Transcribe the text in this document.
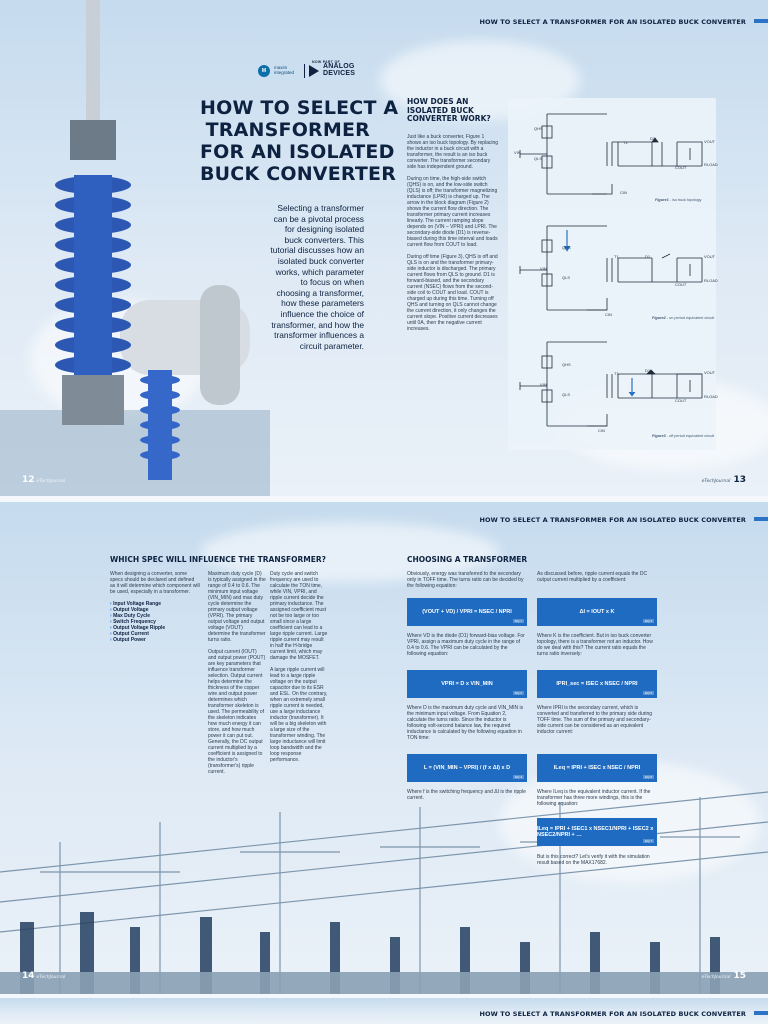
HOW TO SELECT A TRANSFORMER FOR AN ISOLATED BUCK CONVERTER
M
maxim integrated
ANALOG
DEVICES
NOW PART OF
HOW TO SELECT A
TRANSFORMER
FOR AN ISOLATED
BUCK CONVERTER

Selecting a transformer can be a pivotal process for designing isolated buck converters. This tutorial discusses how an isolated buck converter works, which parameter to focus on when choosing a transformer, how these parameters influence the choice of transformer, and how the transformer influences a circuit parameter.

HOW DOES AN ISOLATED BUCK CONVERTER WORK?

Just like a buck converter, Figure 1 shows an iso buck topology. By replacing the inductor in a buck circuit with a transformer, the result is an iso buck converter. The transformer secondary side has independent ground.

During on time, the high-side switch (QHS) is on, and the low-side switch (QLS) is off; the transformer magnetizing inductance (LPRI) is charged up. The arrow in the block diagram (Figure 2) shows the current flow direction. The transformer primary current increases linearly. The current ramping slope depends on (VIN – VPRI) and LPRI. The secondary-side diode (D1) is reverse-biased during this time interval and loads current flow from COUT to load.

During off time (Figure 3), QHS is off and QLS is on and the transformer primary-side inductor is discharged. The primary current flows from QLS to ground. D1 is forward-biased, and the secondary current (NSEC) flows from the second-side coil to COUT and load. COUT is charged up during this time. Turning off QHS and turning on QLS cannot change the current direction, it only changes the current slope. Positive current decreases until 0A, then the negative current increases.

QHS
QLS
VIN
T1
D1
VOUT
RLOAD
COUT
CIN
Figure1 - iso buck topology
QHS
QLS
VIN
T1	D1	VOUT
RLOAD
COUT
CIN
Figure2 - on period equivalent circuit
QHS
QLS
VIN
T1
D1	VOUT
RLOAD
COUT
CIN
Figure3 - off period equivalent circuit
12 eTechJournal	eTechJournal 13
HOW TO SELECT A TRANSFORMER FOR AN ISOLATED BUCK CONVERTER
WHICH SPEC WILL INFLUENCE THE TRANSFORMER?

When designing a converter, some specs should be declared and defined as it will determine which component will be used, especially in a transformer.

› Input Voltage Range
› Output Voltage
› Max Duty Cycle
› Switch Frequency
› Output Voltage Ripple
› Output Current
› Output Power

Maximum duty cycle (D) is typically assigned in the range of 0.4 to 0.6. The minimum input voltage (VIN_MIN) and max duty cycle determine the primary output voltage (VPRI). The primary output voltage and output voltage (VOUT) determine the transformer turns ratio.

Output current (IOUT) and output power (POUT) are key parameters that influence transformer selection. Output current helps determine the thickness of the copper wire and output power determines which transformer skeleton is used. The permeability of the skeleton indicates how much energy it can store, and how much power it can put out. Generally, the DC output current multiplied by a coefficient is assigned to the inductor's (transformer's) ripple current.

Duty cycle and switch frequency are used to calculate the TON time, while VIN, VPRI, and ripple current decide the primary inductance. The assigned coefficient must not be too large or too small since a large coefficient can lead to a large ripple current. Large ripple current may result in half the H-bridge current limit, which may damage the MOSFET.

A large ripple current will lead to a large ripple voltage on the output capacitor due to its ESR and ESL. On the contrary, when an extremely small ripple current is needed, use a large inductance inductor (transformer). It will be a big skeleton with a large size of the transformer winding. The large inductance will limit loop bandwidth and the loop response performance.

CHOOSING A TRANSFORMER

Obviously, energy was transferred to the secondary only in TOFF time. The turns ratio can be decided by the following equation:

(VOUT + VD) / VPRI = NSEC / NPRI
EQ 1

Where VD is the diode (D1) forward-bias voltage. For VPRI, assign a maximum duty cycle in the range of 0.4 to 0.6. The VPRI can be calculated by the following equation:

VPRI = D x VIN_MIN
EQ 2

Where D is the maximum duty cycle and VIN_MIN is the minimum input voltage. From Equation 2, calculate the turns ratio. Since the inductor is following volt-second balance law, the required inductance is calculated by the following equation in TON time:

L = (VIN_MIN – VPRI) / (f x ΔI) x D
EQ 3

Where f is the switching frequency and ΔI is the ripple current.

As discussed before, ripple current equals the DC output current multiplied by a coefficient:

ΔI = IOUT x K
EQ 4

Where K is the coefficient. But in iso buck converter topology, there is a transformer not an inductor. How do we deal with this? The current ratio equals the turns ratio inversely:

IPRI_sec = ISEC x NSEC / NPRI
EQ 5

Where IPRI is the secondary current, which is converted and transferred to the primary side during TOFF time. The sum of the primary and secondary-side current can be considered as an equivalent inductor current:

ILeq = IPRI + ISEC x NSEC / NPRI
EQ 6

Where ILeq is the equivalent inductor current. If the transformer has three more windings, this is the following equation:

ILeq = IPRI + ISEC1 x NSEC1/NPRI + ISEC2 x NSEC2/NPRI + …
EQ 7

But is this correct? Let's verify it with the simulation result based on the MAX17682.

14 eTechJournal	eTechJournal 15
HOW TO SELECT A TRANSFORMER FOR AN ISOLATED BUCK CONVERTER
